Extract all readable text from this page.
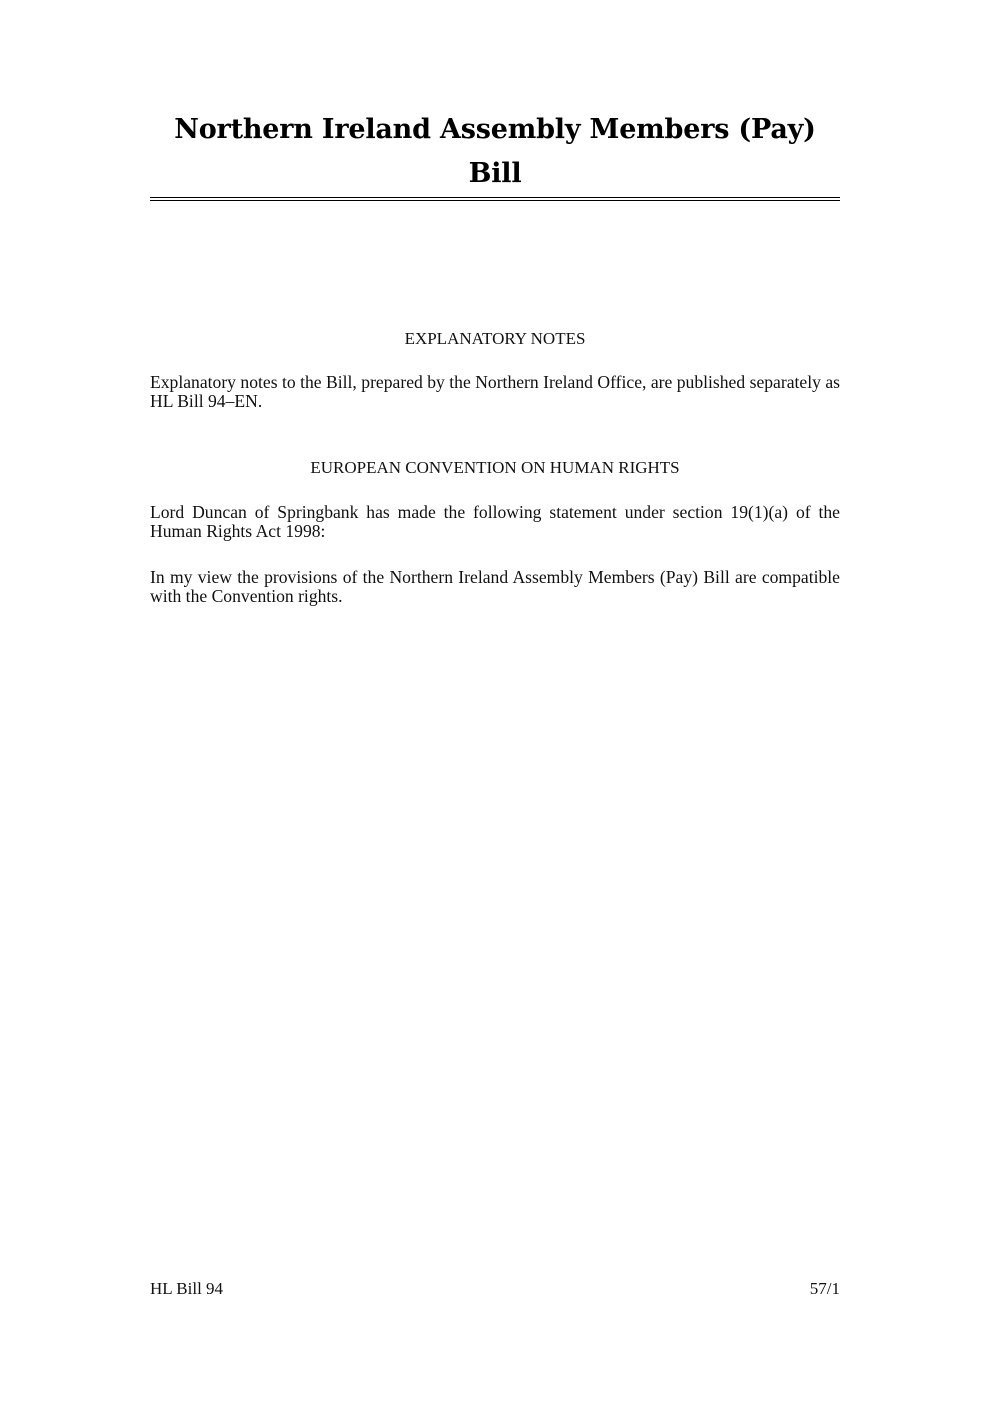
Northern Ireland Assembly Members (Pay) Bill
EXPLANATORY NOTES

Explanatory notes to the Bill, prepared by the Northern Ireland Office, are published separately as HL Bill 94–EN.

EUROPEAN CONVENTION ON HUMAN RIGHTS

Lord Duncan of Springbank has made the following statement under section 19(1)(a) of the Human Rights Act 1998:

In my view the provisions of the Northern Ireland Assembly Members (Pay) Bill are compatible with the Convention rights.

HL Bill 94	57/1
